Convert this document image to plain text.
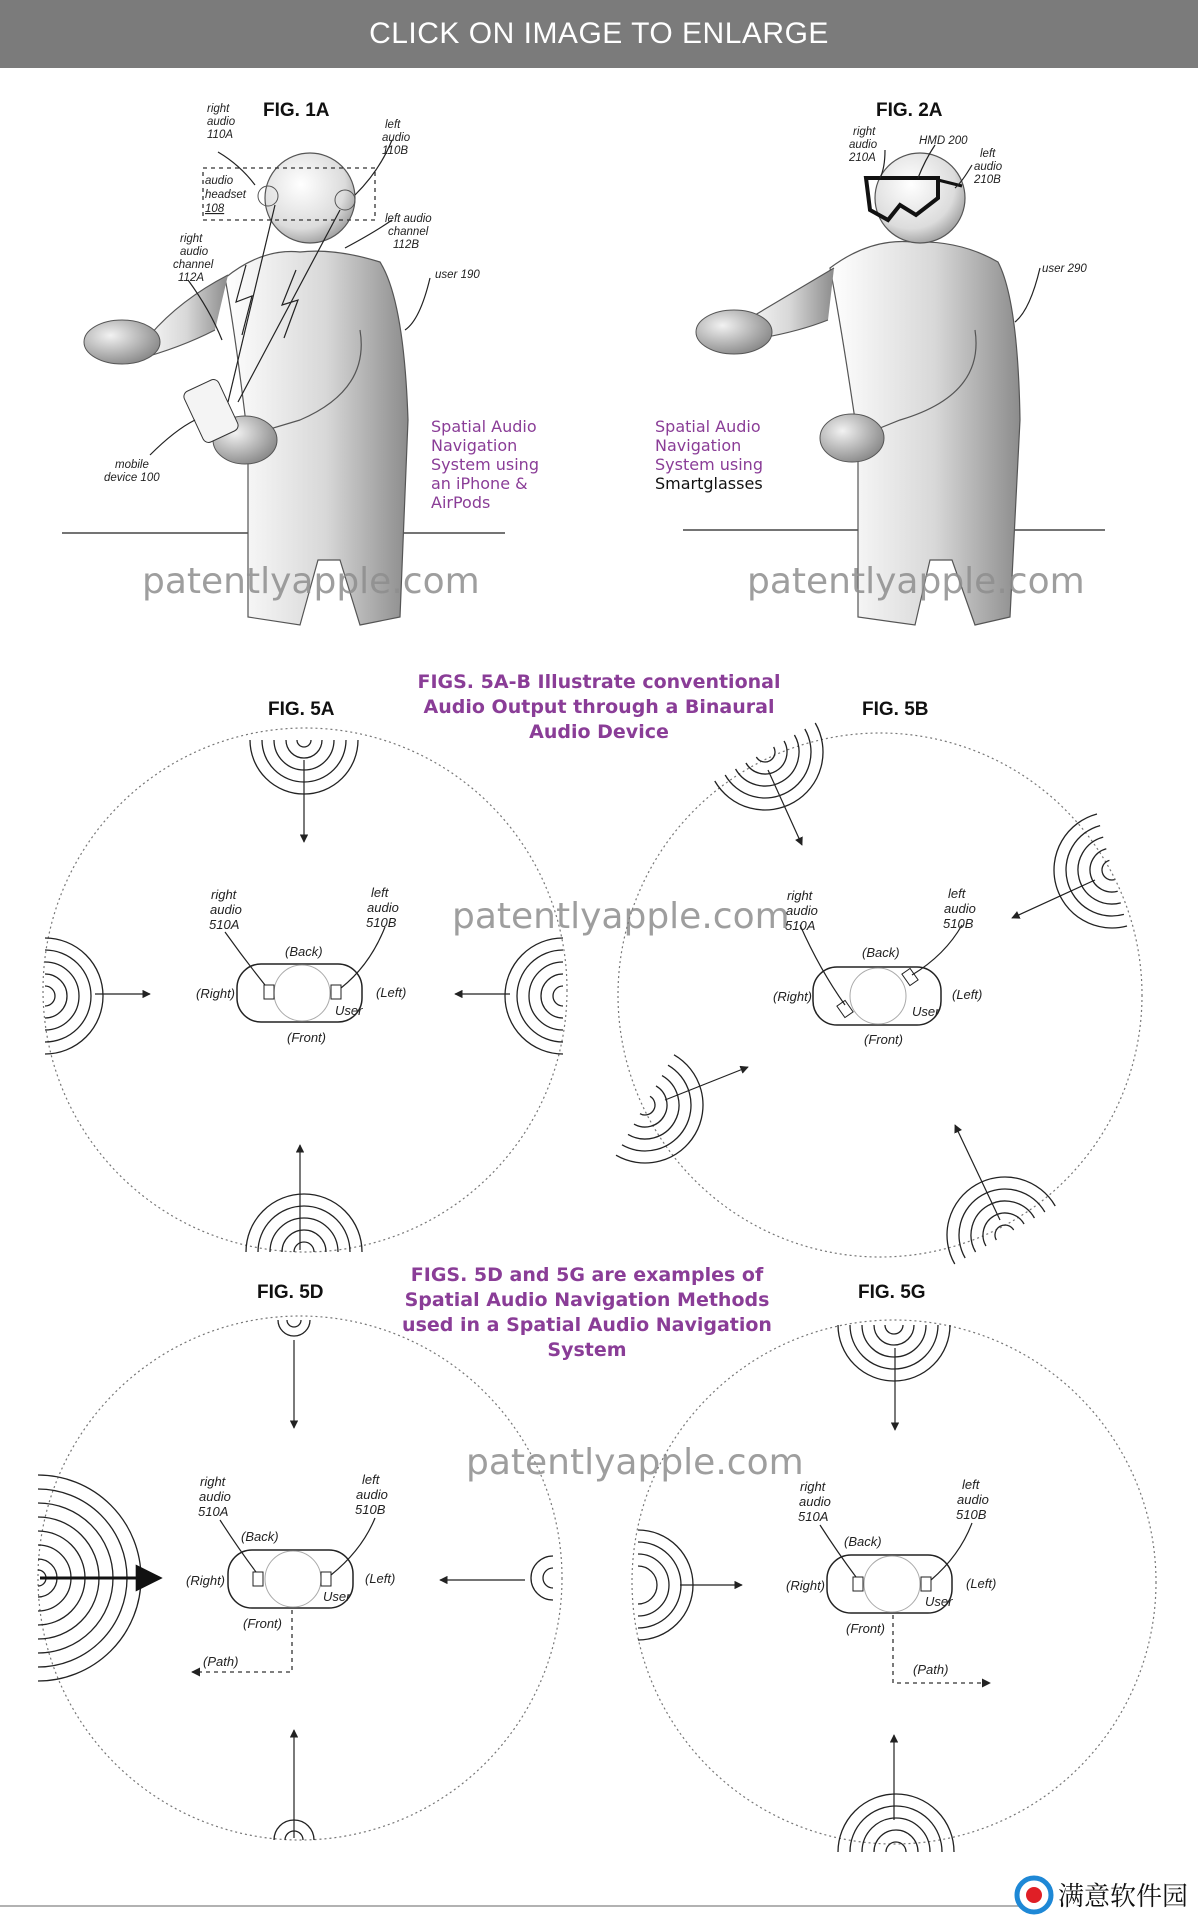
CLICK ON IMAGE TO ENLARGE
FIG. 1A
right
audio
110A
left
audio
110B
audio
headset
108
left audio
channel
112B
right
audio
channel
112A	user 190
mobile
device 100
Spatial Audio
Navigation
System using
an iPhone &
AirPods
patentlyapple.com
FIG. 2A
right
audio
210A
HMD 200
left
audio
210B
user 290
Spatial Audio
Navigation
System using
Smartglasses
patentlyapple.com
FIGS. 5A-B Illustrate conventional
Audio Output through a Binaural
Audio Device
FIG. 5A
right
audio
510A
left
audio
510B
(Back)
(Front)
(Right)	(Left)
User
patentlyapple.com
FIG. 5B
right
audio
510A
left
audio
510B
(Back)
(Front)
(Right)	(Left)
User
FIGS. 5D and 5G are examples of
Spatial Audio Navigation Methods
used in a Spatial Audio Navigation
System
FIG. 5D
right
audio
510A
left
audio
510B
(Back)
(Front)
(Right)	(Left)
User
(Path)
patentlyapple.com
FIG. 5G
right
audio
510A
left
audio
510B
(Back)
(Front)
(Right)	(Left)
User
(Path)
满意软件园
